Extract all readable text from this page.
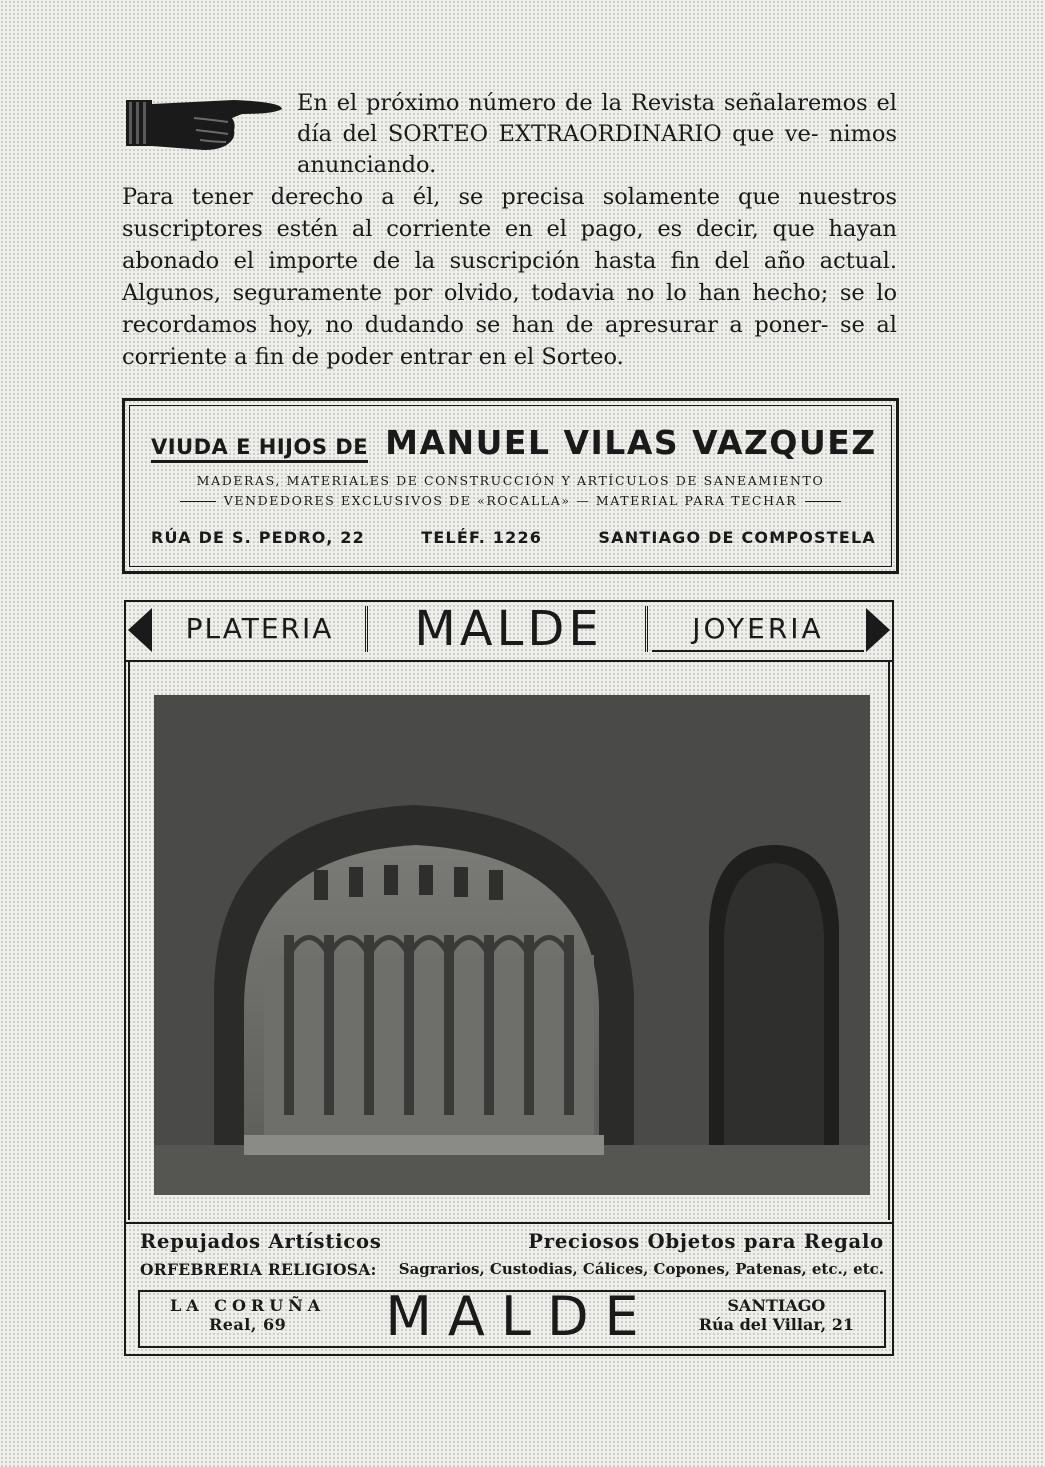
En el próximo número de la Revista señalaremos el día del SORTEO EXTRAORDINARIO que ve- nimos anunciando.
Para tener derecho a él, se precisa solamente que nuestros suscriptores estén al corriente en el pago, es decir, que hayan abonado el importe de la suscripción hasta fin del año actual. Algunos, seguramente por olvido, todavia no lo han hecho; se lo recordamos hoy, no dudando se han de apresurar a poner- se al corriente a fin de poder entrar en el Sorteo.
VIUDA E HIJOS DE MANUEL VILAS VAZQUEZ
MADERAS, MATERIALES DE CONSTRUCCIÓN Y ARTÍCULOS DE SANEAMIENTO
VENDEDORES EXCLUSIVOS DE «ROCALLA» — MATERIAL PARA TECHAR
RÚA DE S. PEDRO, 22	TELÉF. 1226	SANTIAGO DE COMPOSTELA
PLATERIA	MALDE	JOYERIA
Repujados Artísticos	Preciosos Objetos para Regalo
ORFEBRERIA RELIGIOSA: Sagrarios, Custodias, Cálices, Copones, Patenas, etc., etc.
LA CORUÑA
Real, 69	MALDE	SANTIAGO
Rúa del Villar, 21
